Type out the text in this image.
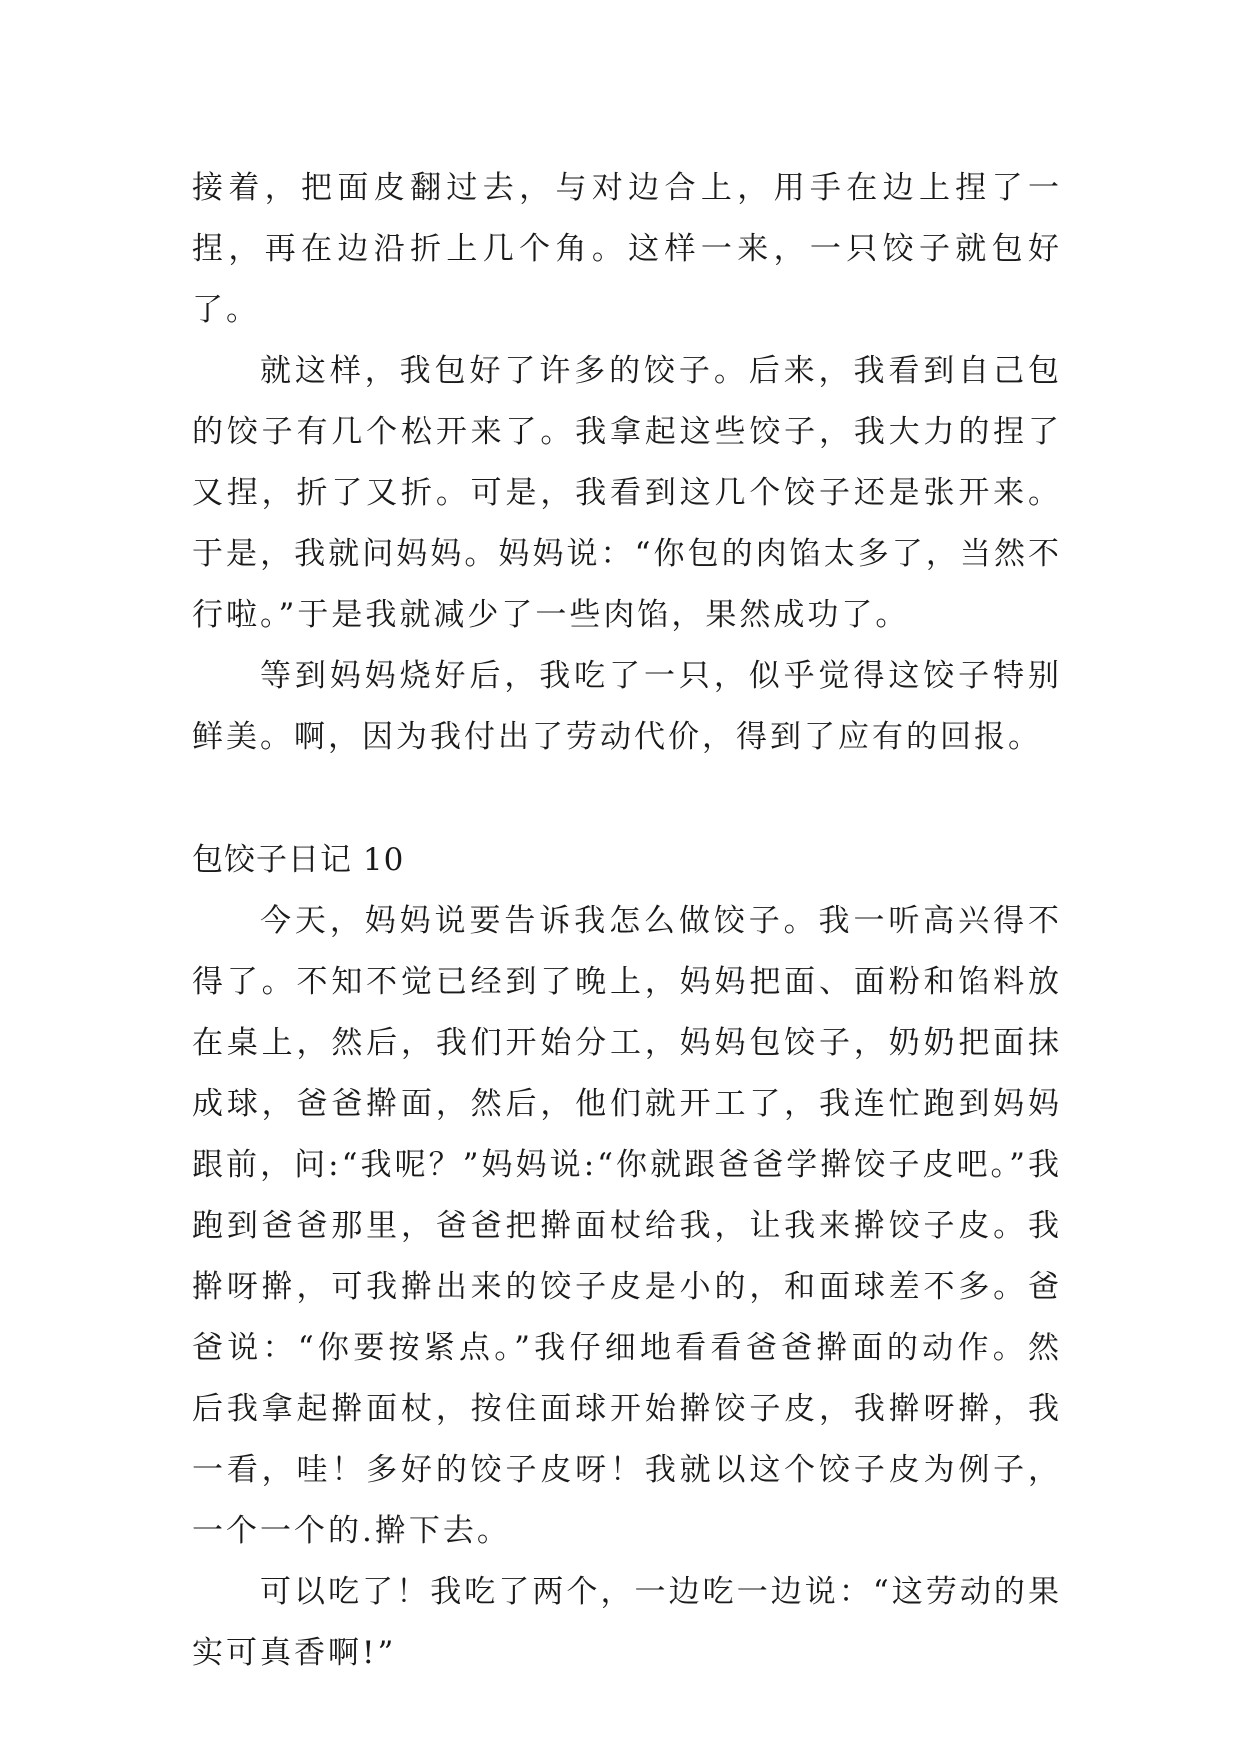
接着，把面皮翻过去，与对边合上，用手在边上捏了一捏，再在边沿折上几个角。这样一来，一只饺子就包好了。

就这样，我包好了许多的饺子。后来，我看到自己包的饺子有几个松开来了。我拿起这些饺子，我大力的捏了又捏，折了又折。可是，我看到这几个饺子还是张开来。于是，我就问妈妈。妈妈说：“你包的肉馅太多了，当然不行啦。”于是我就减少了一些肉馅，果然成功了。

等到妈妈烧好后，我吃了一只，似乎觉得这饺子特别鲜美。啊，因为我付出了劳动代价，得到了应有的回报。

包饺子日记 10

今天，妈妈说要告诉我怎么做饺子。我一听高兴得不得了。不知不觉已经到了晚上，妈妈把面、面粉和馅料放在桌上，然后，我们开始分工，妈妈包饺子，奶奶把面抹成球，爸爸擀面，然后，他们就开工了，我连忙跑到妈妈跟前，问:“我呢？”妈妈说:“你就跟爸爸学擀饺子皮吧。”我跑到爸爸那里，爸爸把擀面杖给我，让我来擀饺子皮。我擀呀擀，可我擀出来的饺子皮是小的，和面球差不多。爸爸说：“你要按紧点。”我仔细地看看爸爸擀面的动作。然后我拿起擀面杖，按住面球开始擀饺子皮，我擀呀擀，我一看，哇！多好的饺子皮呀！我就以这个饺子皮为例子，一个一个的.擀下去。

可以吃了！我吃了两个，一边吃一边说：“这劳动的果实可真香啊!”
